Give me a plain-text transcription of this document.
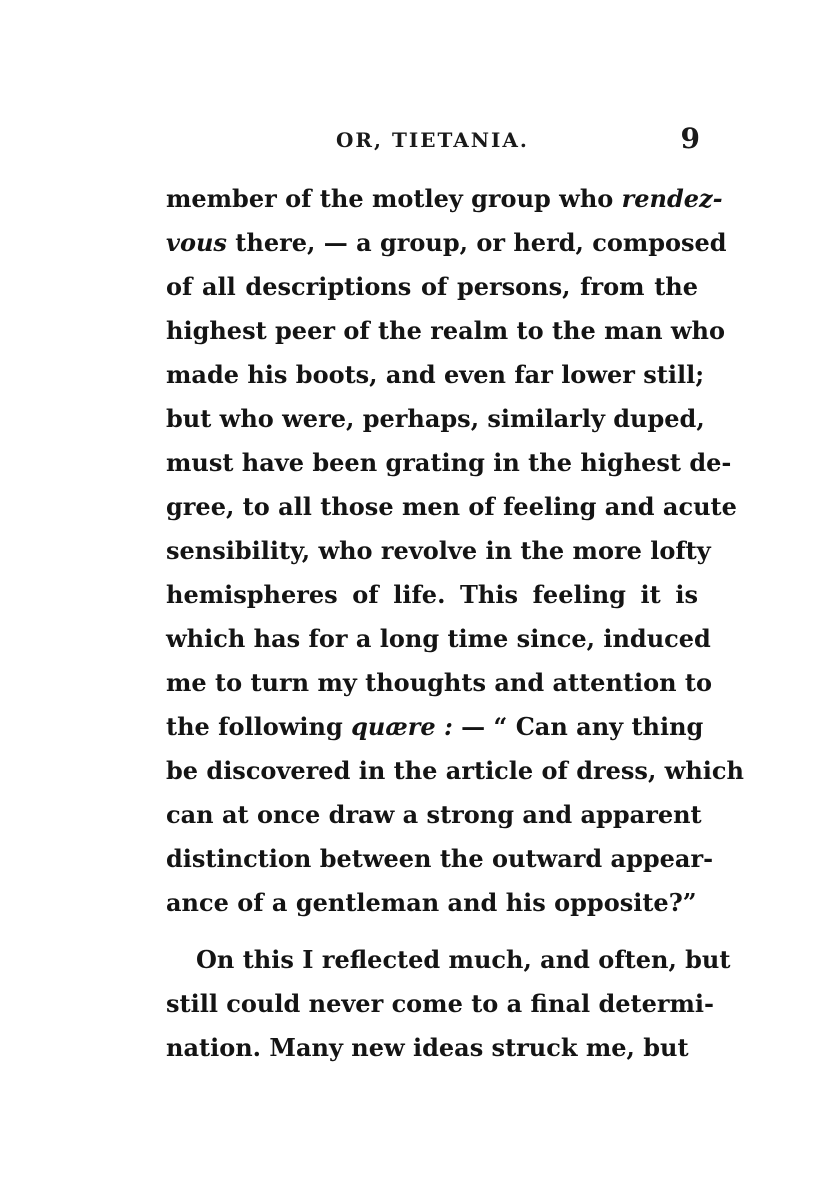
OR, TIETANIA.	9
member of the motley group who rendez-
vous there, — a group, or herd, composed
of all descriptions of persons, from the
highest peer of the realm to the man who
made his boots, and even far lower still;
but who were, perhaps, similarly duped,
must have been grating in the highest de-
gree, to all those men of feeling and acute
sensibility, who revolve in the more lofty
hemispheres of life. This feeling it is
which has for a long time since, induced
me to turn my thoughts and attention to
the following quære : — “ Can any thing
be discovered in the article of dress, which
can at once draw a strong and apparent
distinction between the outward appear-
ance of a gentleman and his opposite?”
On this I reflected much, and often, but
still could never come to a final determi-
nation. Many new ideas struck me, but
